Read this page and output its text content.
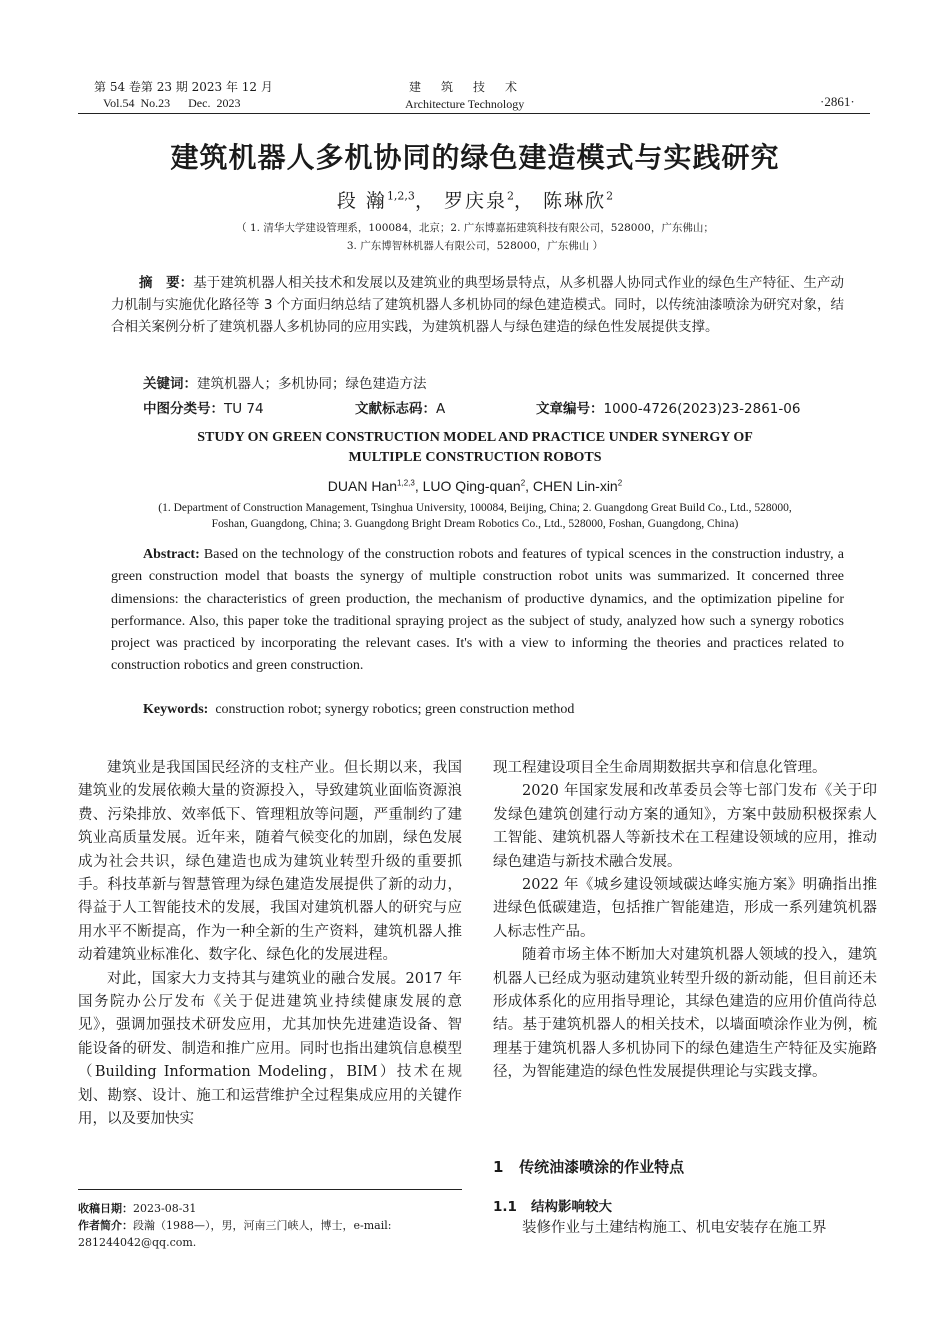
第 54 卷第 23 期 2023 年 12 月
Vol.54  No.23      Dec.  2023
建筑技术
Architecture Technology	·2861·
建筑机器人多机协同的绿色建造模式与实践研究
段 瀚$^{1,2,3}$， 罗庆泉$^2$， 陈琳欣$^2$
（ 1. 清华大学建设管理系，100084，北京；2. 广东博嘉拓建筑科技有限公司，528000，广东佛山；
3. 广东博智林机器人有限公司，528000，广东佛山 ）
摘　要：基于建筑机器人相关技术和发展以及建筑业的典型场景特点，从多机器人协同式作业的绿色生产特征、生产动力机制与实施优化路径等 3 个方面归纳总结了建筑机器人多机协同的绿色建造模式。同时，以传统油漆喷涂为研究对象，结合相关案例分析了建筑机器人多机协同的应用实践，为建筑机器人与绿色建造的绿色性发展提供支撑。
关键词：建筑机器人；多机协同；绿色建造方法
中图分类号：TU 74	文献标志码：A	文章编号：1000-4726(2023)23-2861-06
STUDY ON GREEN CONSTRUCTION MODEL AND PRACTICE UNDER SYNERGY OF
MULTIPLE CONSTRUCTION ROBOTS
DUAN Han$^{1,2,3}$, LUO Qing-quan$^2$, CHEN Lin-xin$^2$
(1. Department of Construction Management, Tsinghua University, 100084, Beijing, China; 2. Guangdong Great Build Co., Ltd., 528000,
Foshan, Guangdong, China; 3. Guangdong Bright Dream Robotics Co., Ltd., 528000, Foshan, Guangdong, China)
Abstract: Based on the technology of the construction robots and features of typical scences in the construction industry, a green construction model that boasts the synergy of multiple construction robot units was summarized. It concerned three dimensions: the characteristics of green production, the mechanism of productive dynamics, and the optimization pipeline for performance. Also, this paper toke the traditional spraying project as the subject of study, analyzed how such a synergy robotics project was practiced by incorporating the relevant cases. It's with a view to informing the theories and practices related to construction robotics and green construction.
Keywords: construction robot; synergy robotics; green construction method

建筑业是我国国民经济的支柱产业。但长期以来，我国建筑业的发展依赖大量的资源投入，导致建筑业面临资源浪费、污染排放、效率低下、管理粗放等问题，严重制约了建筑业高质量发展。近年来，随着气候变化的加剧，绿色发展成为社会共识，绿色建造也成为建筑业转型升级的重要抓手。科技革新与智慧管理为绿色建造发展提供了新的动力，得益于人工智能技术的发展，我国对建筑机器人的研究与应用水平不断提高，作为一种全新的生产资料，建筑机器人推动着建筑业标准化、数字化、绿色化的发展进程。

对此，国家大力支持其与建筑业的融合发展。2017 年国务院办公厅发布《关于促进建筑业持续健康发展的意见》，强调加强技术研发应用，尤其加快先进建造设备、智能设备的研发、制造和推广应用。同时也指出建筑信息模型（Building Information Modeling，BIM）技术在规划、勘察、设计、施工和运营维护全过程集成应用的关键作用，以及要加快实

收稿日期：2023-08-31
作者简介：段瀚（1988—），男，河南三门峡人，博士，e-mail: 281244042@qq.com.

现工程建设项目全生命周期数据共享和信息化管理。

2020 年国家发展和改革委员会等七部门发布《关于印发绿色建筑创建行动方案的通知》，方案中鼓励积极探索人工智能、建筑机器人等新技术在工程建设领域的应用，推动绿色建造与新技术融合发展。

2022 年《城乡建设领域碳达峰实施方案》明确指出推进绿色低碳建造，包括推广智能建造，形成一系列建筑机器人标志性产品。

随着市场主体不断加大对建筑机器人领域的投入，建筑机器人已经成为驱动建筑业转型升级的新动能，但目前还未形成体系化的应用指导理论，其绿色建造的应用价值尚待总结。基于建筑机器人的相关技术，以墙面喷涂作业为例，梳理基于建筑机器人多机协同下的绿色建造生产特征及实施路径，为智能建造的绿色性发展提供理论与实践支撑。

1 传统油漆喷涂的作业特点
1.1 结构影响较大

装修作业与土建结构施工、机电安装存在施工界
